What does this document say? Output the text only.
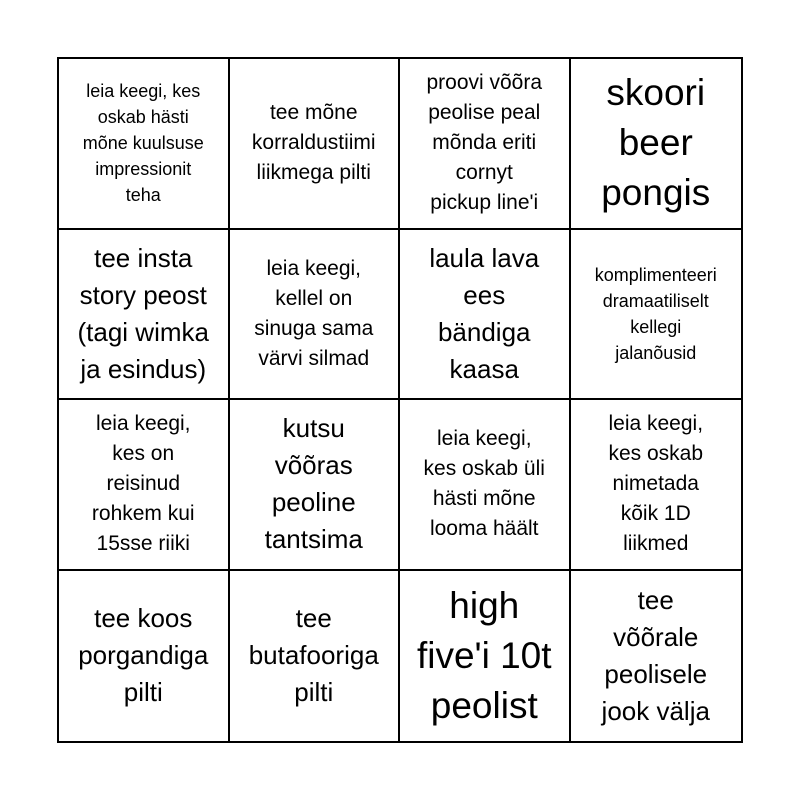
leia keegi, kes
oskab hästi
mõne kuulsuse
impressionit
teha
tee mõne
korraldustiimi
liikmega pilti
proovi võõra
peolise peal
mõnda eriti
cornyt
pickup line'i
skoori
beer
pongis
tee insta
story peost
(tagi wimka
ja esindus)
leia keegi,
kellel on
sinuga sama
värvi silmad
laula lava
ees
bändiga
kaasa
komplimenteeri
dramaatiliselt
kellegi
jalanõusid
leia keegi,
kes on
reisinud
rohkem kui
15sse riiki
kutsu
võõras
peoline
tantsima
leia keegi,
kes oskab üli
hästi mõne
looma häält
leia keegi,
kes oskab
nimetada
kõik 1D
liikmed
tee koos
porgandiga
pilti
tee
butafooriga
pilti
high
five'i 10t
peolist
tee
võõrale
peolisele
jook välja
